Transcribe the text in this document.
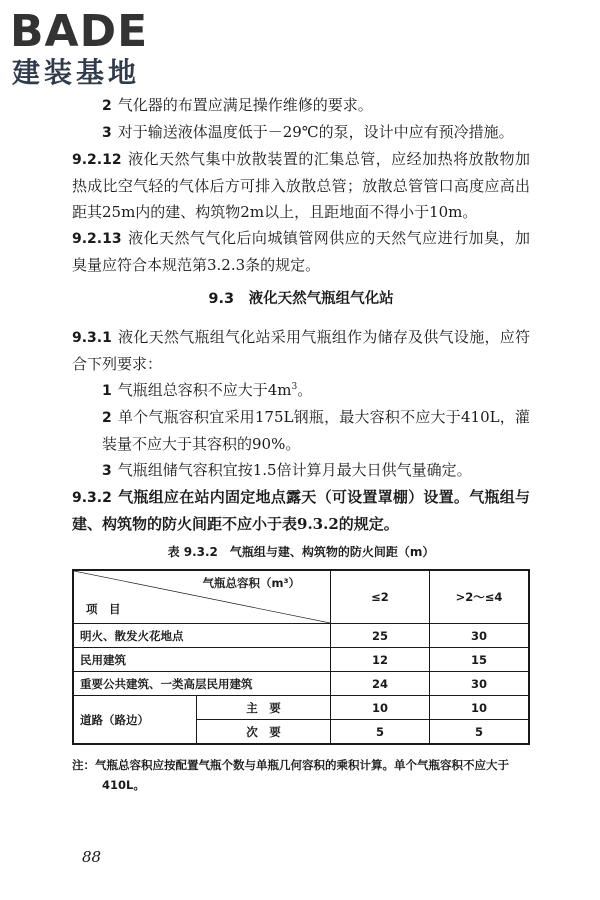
BADE
建装基地

2 气化器的布置应满足操作维修的要求。

3 对于输送液体温度低于－29℃的泵，设计中应有预冷措施。

9.2.12 液化天然气集中放散装置的汇集总管，应经加热将放散物加热成比空气轻的气体后方可排入放散总管；放散总管管口高度应高出距其25m内的建、构筑物2m以上，且距地面不得小于10m。

9.2.13 液化天然气气化后向城镇管网供应的天然气应进行加臭，加臭量应符合本规范第3.2.3条的规定。

9.3　液化天然气瓶组气化站

9.3.1 液化天然气瓶组气化站采用气瓶组作为储存及供气设施，应符合下列要求：

1 气瓶组总容积不应大于$4m^3$。

2 单个气瓶容积宜采用175L钢瓶，最大容积不应大于410L，灌装量不应大于其容积的90%。

3 气瓶组储气容积宜按1.5倍计算月最大日供气量确定。

9.3.2 气瓶组应在站内固定地点露天（可设置罩棚）设置。气瓶组与建、构筑物的防火间距不应小于表9.3.2的规定。

表 9.3.2　气瓶组与建、构筑物的防火间距（m）
气瓶总容积（m³）
项　目		≤2	>2～≤4
明火、散发火花地点		25	30
民用建筑		12	15
重要公共建筑、一类高层民用建筑		24	30
道路（路边）	主　要	10	10
	次　要	5	5
注：气瓶总容积应按配置气瓶个数与单瓶几何容积的乘积计算。单个气瓶容积不应大于410L。
88
